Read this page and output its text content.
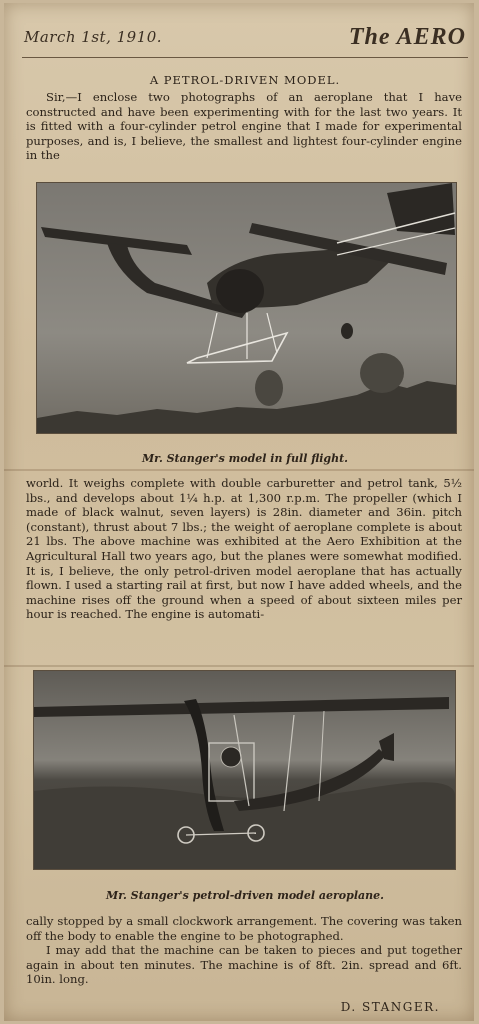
March 1st, 1910.	The AERO
A PETROL-DRIVEN MODEL.
Sir,—I enclose two photographs of an aeroplane that I have constructed and have been experimenting with for the last two years. It is fitted with a four-cylinder petrol engine that I made for experimental purposes, and is, I believe, the smallest and lightest four-cylinder engine in the
Mr. Stanger's model in full flight.
world. It weighs complete with double carburetter and petrol tank, 5½ lbs., and develops about 1¼ h.p. at 1,300 r.p.m. The propeller (which I made of black walnut, seven layers) is 28in. diameter and 36in. pitch (constant), thrust about 7 lbs.; the weight of aeroplane complete is about 21 lbs. The above machine was exhibited at the Aero Exhibition at the Agricultural Hall two years ago, but the planes were somewhat modified. It is, I believe, the only petrol-driven model aeroplane that has actually flown. I used a starting rail at first, but now I have added wheels, and the machine rises off the ground when a speed of about sixteen miles per hour is reached. The engine is automati-
Mr. Stanger's petrol-driven model aeroplane.
cally stopped by a small clockwork arrangement. The covering was taken off the body to enable the engine to be photographed.
I may add that the machine can be taken to pieces and put together again in about ten minutes. The machine is of 8ft. 2in. spread and 6ft. 10in. long.
D. STANGER.
